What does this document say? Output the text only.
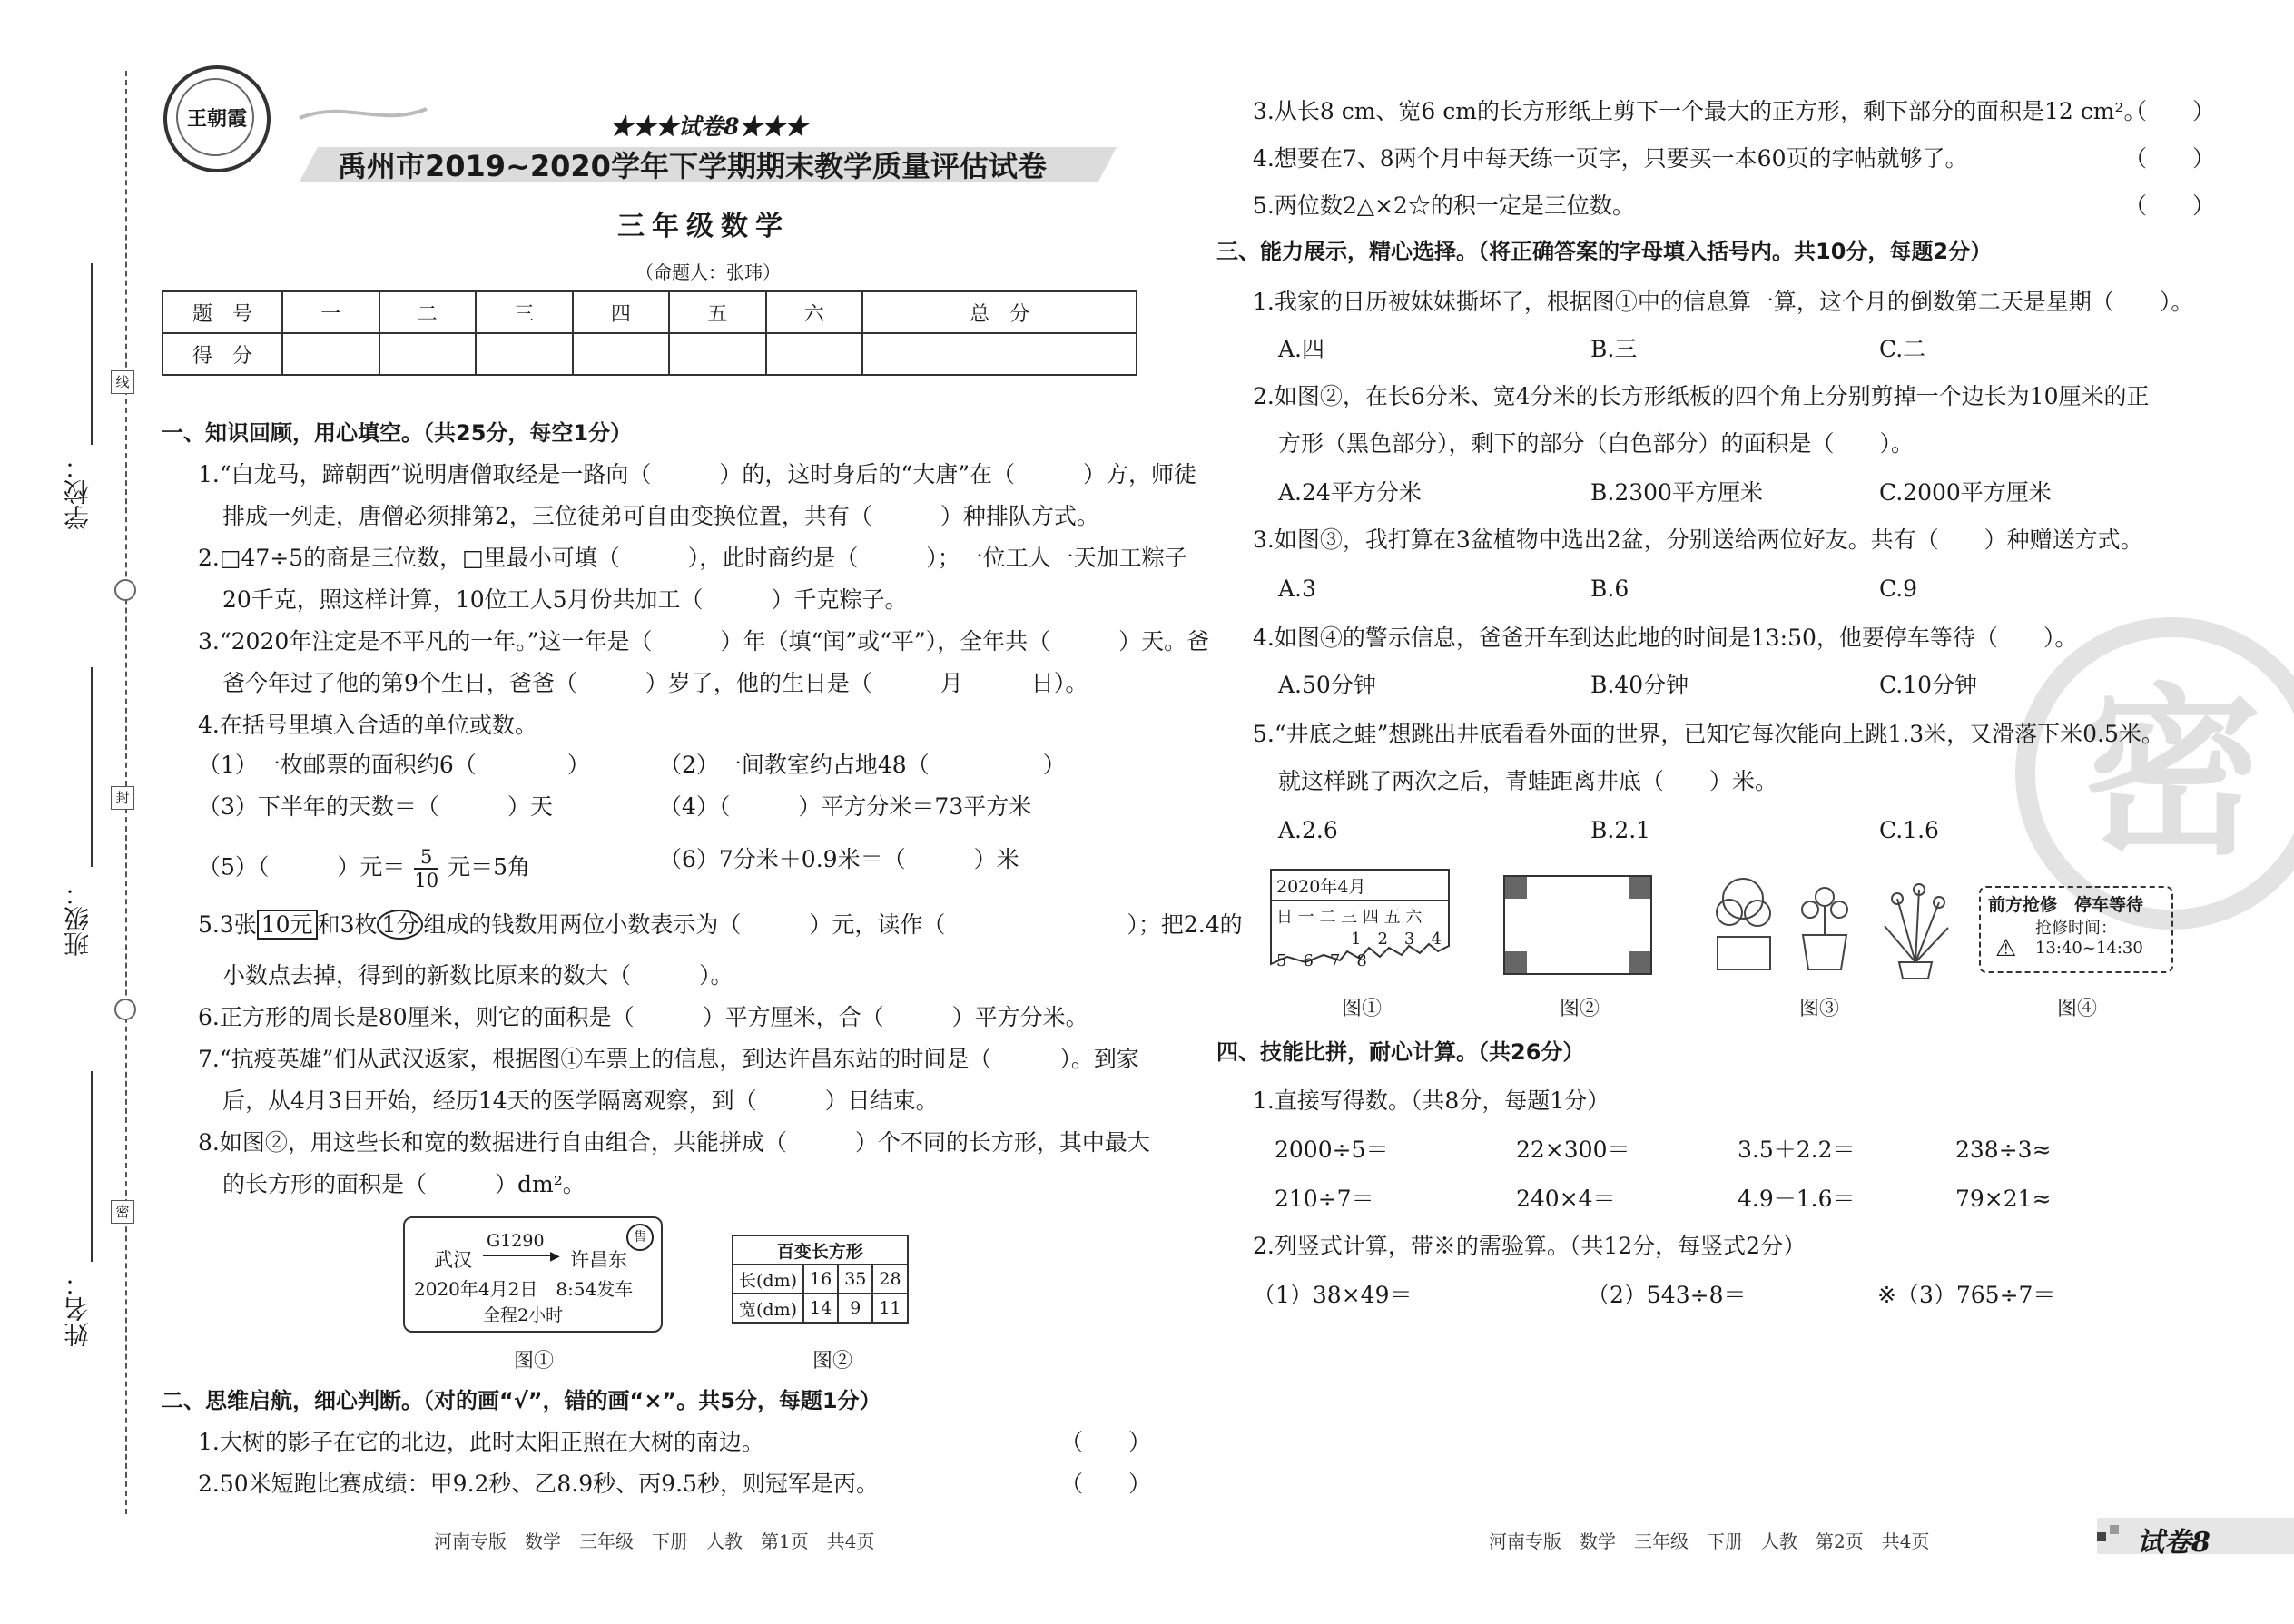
学校：
班级：
姓名：
线
封
密
王朝霞	★★★试卷8★★★
禹州市2019~2020学年下学期期末教学质量评估试卷
三年级数学
（命题人：张玮）
题　号	一	二	三	四	五	六	总　分
得　分							
一、知识回顾，用心填空。（共25分，每空1分）
1.“白龙马，蹄朝西”说明唐僧取经是一路向（　　　）的，这时身后的“大唐”在（　　　）方，师徒
排成一列走，唐僧必须排第2，三位徒弟可自由变换位置，共有（　　　）种排队方式。
2.□47÷5的商是三位数，□里最小可填（　　　），此时商约是（　　　）；一位工人一天加工粽子
20千克，照这样计算，10位工人5月份共加工（　　　）千克粽子。
3.“2020年注定是不平凡的一年。”这一年是（　　　）年（填“闰”或“平”），全年共（　　　）天。爸
爸今年过了他的第9个生日，爸爸（　　　）岁了，他的生日是（　　　月　　　日）。
4.在括号里填入合适的单位或数。
（1）一枚邮票的面积约6（　　　　）	（2）一间教室约占地48（　　　　　）
（3）下半年的天数＝（　　　）天	（4）（　　　）平方分米＝73平方米
（5）（　　　）元＝ $\frac{5}{10}$ 元＝5角	（6）7分米＋0.9米＝（　　　）米
5.3张 10元 和3枚 1分 组成的钱数用两位小数表示为（　　　）元，读作（　　　　　　　　）；把2.4的
小数点去掉，得到的新数比原来的数大（　　　）。
6.正方形的周长是80厘米，则它的面积是（　　　）平方厘米，合（　　　）平方分米。
7.“抗疫英雄”们从武汉返家，根据图①车票上的信息，到达许昌东站的时间是（　　　）。到家
后，从4月3日开始，经历14天的医学隔离观察，到（　　　）日结束。
8.如图②，用这些长和宽的数据进行自由组合，共能拼成（　　　）个不同的长方形，其中最大
的长方形的面积是（　　　）dm²。
G1290
▶
武汉	许昌东
售
2020年4月2日　8:54发车
全程2小时
图①
百变长方形			
长(dm)	16	35	28
宽(dm)	14	9	11
图②
二、思维启航，细心判断。（对的画“√”，错的画“×”。共5分，每题1分）
1.大树的影子在它的北边，此时太阳正照在大树的南边。	（　　）
2.50米短跑比赛成绩：甲9.2秒、乙8.9秒、丙9.5秒，则冠军是丙。	（　　）
河南专版　数学　三年级　下册　人教　第1页　共4页
密
3.从长8 cm、宽6 cm的长方形纸上剪下一个最大的正方形，剩下部分的面积是12 cm²。
（　　）
4.想要在7、8两个月中每天练一页字，只要买一本60页的字帖就够了。	（　　）
5.两位数2△×2☆的积一定是三位数。	（　　）
三、能力展示，精心选择。（将正确答案的字母填入括号内。共10分，每题2分）
1.我家的日历被妹妹撕坏了，根据图①中的信息算一算，这个月的倒数第二天是星期（　　）。
A.四	B.三	C.二
2.如图②，在长6分米、宽4分米的长方形纸板的四个角上分别剪掉一个边长为10厘米的正
方形（黑色部分），剩下的部分（白色部分）的面积是（　　）。
A.24平方分米	B.2300平方厘米	C.2000平方厘米
3.如图③，我打算在3盆植物中选出2盆，分别送给两位好友。共有（　　）种赠送方式。
A.3	B.6	C.9
4.如图④的警示信息，爸爸开车到达此地的时间是13:50，他要停车等待（　　）。
A.50分钟	B.40分钟	C.10分钟
5.“井底之蛙”想跳出井底看看外面的世界，已知它每次能向上跳1.3米，又滑落下米0.5米。
就这样跳了两次之后，青蛙距离井底（　　）米。
A.2.6	B.2.1	C.1.6
2020年4月
日 一 二 三 四 五 六
1　2　3　4
5　6　7　8
前方抢修　停车等待
抢修时间：
⚠ 13:40~14:30
图①	图②	图③	图④
四、技能比拼，耐心计算。（共26分）
1.直接写得数。（共8分，每题1分）
2000÷5＝	22×300＝	3.5＋2.2＝	238÷3≈
210÷7＝	240×4＝	4.9－1.6＝	79×21≈
2.列竖式计算，带※的需验算。（共12分，每竖式2分）
（1）38×49＝	（2）543÷8＝	※（3）765÷7＝
河南专版　数学　三年级　下册　人教　第2页　共4页	试卷8
